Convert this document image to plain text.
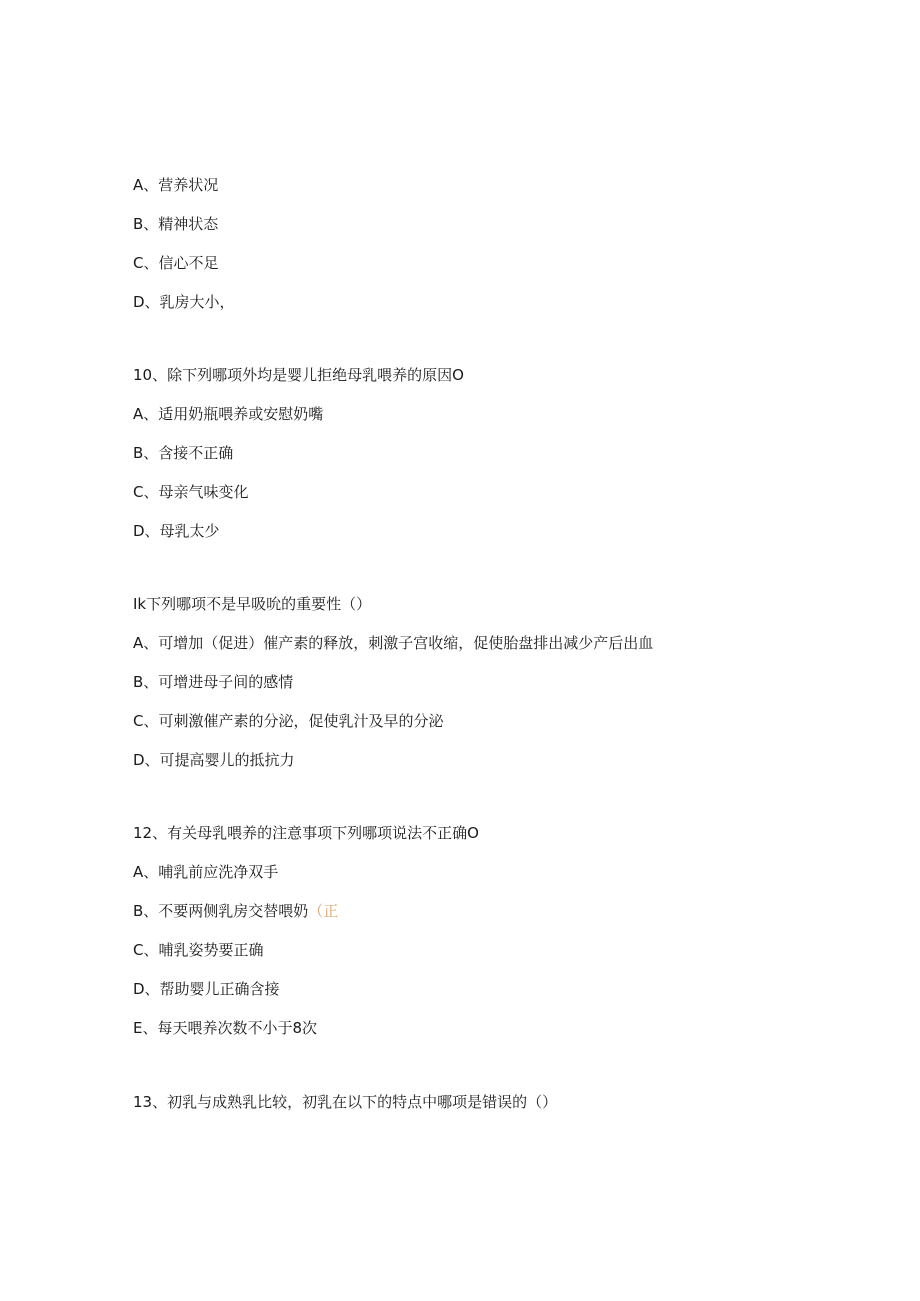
A、营养状况
B、精神状态
C、信心不足
D、乳房大小，
10、除下列哪项外均是婴儿拒绝母乳喂养的原因O
A、适用奶瓶喂养或安慰奶嘴
B、含接不正确
C、母亲气味变化
D、母乳太少
Ik下列哪项不是早吸吮的重要性（）
A、可增加（促进）催产素的释放，刺激子宫收缩，促使胎盘排出减少产后出血
B、可增进母子间的感情
C、可刺激催产素的分泌，促使乳汁及早的分泌
D、可提高婴儿的抵抗力
12、有关母乳喂养的注意事项下列哪项说法不正确O
A、哺乳前应洗净双手
B、不要两侧乳房交替喂奶（正
C、哺乳姿势要正确
D、帮助婴儿正确含接
E、每天喂养次数不小于8次
13、初乳与成熟乳比较，初乳在以下的特点中哪项是错误的（）
